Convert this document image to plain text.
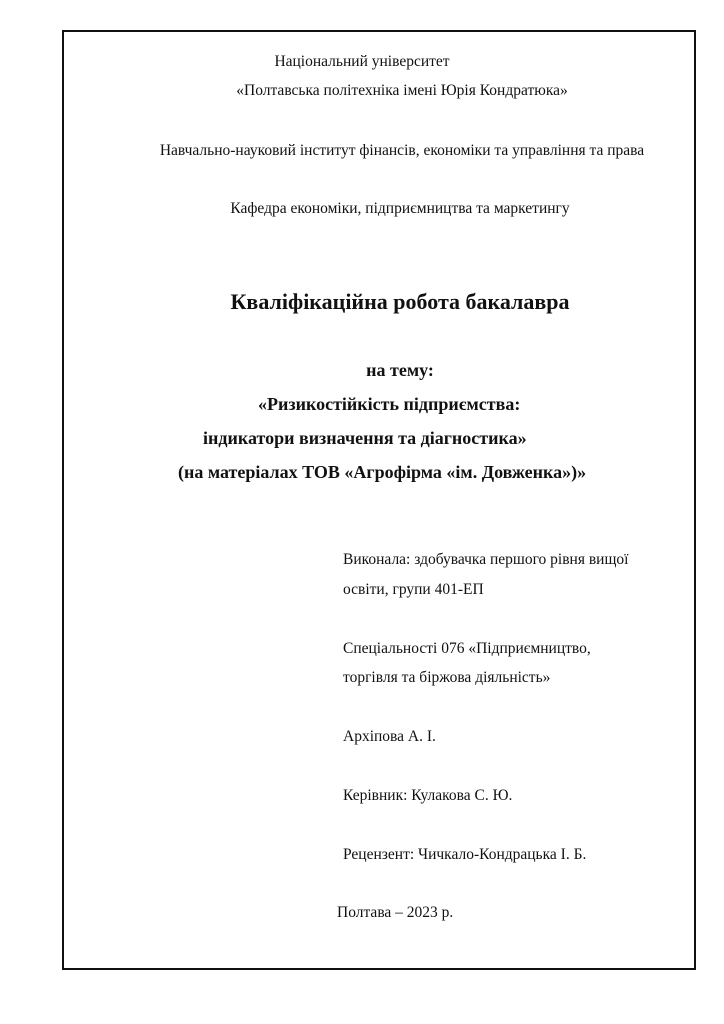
Національний університет
«Полтавська політехніка імені Юрія Кондратюка»
Навчально-науковий інститут фінансів, економіки та управління та права
Кафедра економіки, підприємництва та маркетингу
Кваліфікаційна робота бакалавра
на тему:
«Ризикостійкість підприємства:
індикатори визначення та діагностика»
(на матеріалах ТОВ «Агрофірма «ім. Довженка»)»
Виконала: здобувачка першого рівня вищої
освіти, групи 401-ЕП
Спеціальності 076 «Підприємництво,
торгівля та біржова діяльність»
Архіпова А. І.
Керівник: Кулакова С. Ю.
Рецензент: Чичкало-Кондрацька І. Б.
Полтава – 2023 р.
